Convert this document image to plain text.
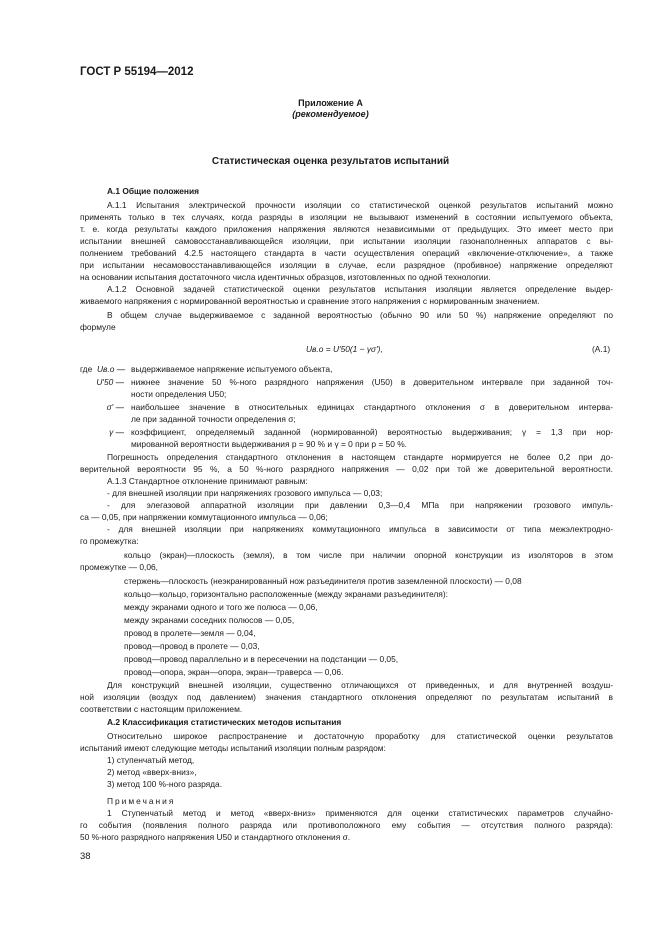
ГОСТ Р 55194—2012
Приложение А
(рекомендуемое)
Статистическая оценка результатов испытаний
А.1 Общие положения
А.1.1 Испытания электрической прочности изоляции со статистической оценкой результатов испытаний можно
применять только в тех случаях, когда разряды в изоляции не вызывают изменений в состоянии испытуемого объекта,
т. е. когда результаты каждого приложения напряжения являются независимыми от предыдущих. Это имеет место при
испытании внешней самовосстанавливающейся изоляции, при испытании изоляции газонаполненных аппаратов с вы-
полнением требований 4.2.5 настоящего стандарта в части осуществления операций «включение-отключение», а также
при испытании несамовосстанавливающейся изоляции в случае, если разрядное (пробивное) напряжение определяют
на основании испытания достаточного числа идентичных образцов, изготовленных по одной технологии.
А.1.2 Основной задачей статистической оценки результатов испытания изоляции является определение выдер-
живаемого напряжения с нормированной вероятностью и сравнение этого напряжения с нормированным значением.
В общем случае выдерживаемое с заданной вероятностью (обычно 90 или 50 %) напряжение определяют по
формуле
Uв.о = U′50(1 − γσ′),	(А.1)
где Uв.о — выдерживаемое напряжение испытуемого объекта,
U′50 — нижнее значение 50 %-ного разрядного напряжения (U50) в доверительном интервале при заданной точ-
ности определения U50;
σ′ — наибольшее значение в относительных единицах стандартного отклонения σ в доверительном интерва-
ле при заданной точности определения σ;
γ — коэффициент, определяемый заданной (нормированной) вероятностью выдерживания; γ = 1,3 при нор-
мированной вероятности выдерживания p = 90 % и γ = 0 при p = 50 %.
Погрешность определения стандартного отклонения в настоящем стандарте нормируется не более 0,2 при до-
верительной вероятности 95 %, а 50 %-ного разрядного напряжения — 0,02 при той же доверительной вероятности.
А.1.3 Стандартное отклонение принимают равным:
- для внешней изоляции при напряжениях грозового импульса — 0,03;
- для элегазовой аппаратной изоляции при давлении 0,3—0,4 МПа при напряжении грозового импуль-
са — 0,05, при напряжении коммутационного импульса — 0,06;
- для внешней изоляции при напряжениях коммутационного импульса в зависимости от типа межэлектродно-
го промежутка:
кольцо (экран)—плоскость (земля), в том числе при наличии опорной конструкции из изоляторов в этом
промежутке — 0,06,
стержень—плоскость (неэкранированный нож разъединителя против заземленной плоскости) — 0,08
кольцо—кольцо, горизонтально расположенные (между экранами разъединителя):
между экранами одного и того же полюса — 0,06,
между экранами соседних полюсов — 0,05,
провод в пролете—земля — 0,04,
провод—провод в пролете — 0,03,
провод—провод параллельно и в пересечении на подстанции — 0,05,
провод—опора, экран—опора, экран—траверса — 0,06.
Для конструкций внешней изоляции, существенно отличающихся от приведенных, и для внутренней воздуш-
ной изоляции (воздух под давлением) значения стандартного отклонения определяют по результатам испытаний в
соответствии с настоящим приложением.
А.2 Классификация статистических методов испытания
Относительно широкое распространение и достаточную проработку для статистической оценки результатов
испытаний имеют следующие методы испытаний изоляции полным разрядом:
1) ступенчатый метод,
2) метод «вверх-вниз»,
3) метод 100 %-ного разряда.
Примечания
1 Ступенчатый метод и метод «вверх-вниз» применяются для оценки статистических параметров случайно-
го события (появления полного разряда или противоположного ему события — отсутствия полного разряда):
50 %-ного разрядного напряжения U50 и стандартного отклонения σ.
38
